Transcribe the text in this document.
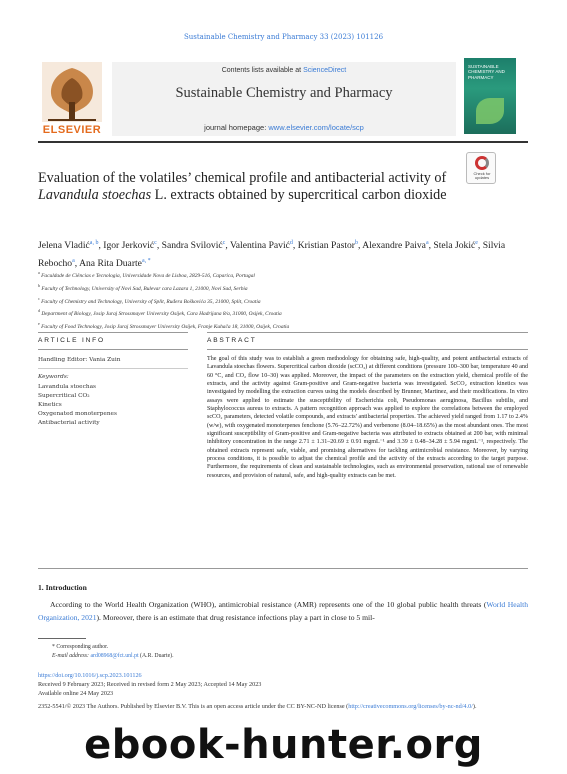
Sustainable Chemistry and Pharmacy 33 (2023) 101126
ELSEVIER
Contents lists available at ScienceDirect
Sustainable Chemistry and Pharmacy
journal homepage: www.elsevier.com/locate/scp
SUSTAINABLE CHEMISTRY AND PHARMACY
Check for updates
Evaluation of the volatiles’ chemical profile and antibacterial activity of Lavandula stoechas L. extracts obtained by supercritical carbon dioxide
Jelena Vladić$^{a, b}$, Igor Jerković$^c$, Sandra Svilović$^c$, Valentina Pavić$^d$, Kristian Pastor$^b$, Alexandre Paiva$^a$, Stela Jokić$^e$, Silvia Rebocho$^a$, Ana Rita Duarte$^{a, *}$
$^a$ Faculdade de Ciências e Tecnologia, Universidade Nova de Lisboa, 2829-516, Caparica, Portugal
$^b$ Faculty of Technology, University of Novi Sad, Bulevar cara Lazara 1, 21000, Novi Sad, Serbia
$^c$ Faculty of Chemistry and Technology, University of Split, Ruđera Boškovića 35, 21000, Split, Croatia
$^d$ Department of Biology, Josip Juraj Strossmayer University Osijek, Cara Hadrijana 8/a, 31000, Osijek, Croatia
$^e$ Faculty of Food Technology, Josip Juraj Strossmayer University Osijek, Franje Kuhača 18, 31000, Osijek, Croatia
ARTICLE INFO
Handling Editor: Vania Zuin
Keywords:
Lavandula stoechas
Supercritical CO₂
Kinetics
Oxygenated monoterpenes
Antibacterial activity
ABSTRACT
The goal of this study was to establish a green methodology for obtaining safe, high-quality, and potent antibacterial extracts of Lavandula stoechas flowers. Supercritical carbon dioxide (scCO₂) at different conditions (pressure 100–300 bar, temperature 40 and 60 °C, and CO₂ flow 10–30) was applied. Moreover, the impact of the parameters on the extraction yield, chemical profile of the extracts, and the activity against Gram-positive and Gram-negative bacteria was investigated. ScCO₂ extraction kinetics was investigated by modelling the extraction curves using the models described by Brunner, Martinez, and their modifications. In vitro assays were applied to estimate the susceptibility of Escherichia coli, Pseudomonas aeruginosa, Bacillus subtilis, and Staphylococcus aureus to extracts. A pattern recognition approach was applied to explore the correlations between the employed scCO₂ parameters, detected volatile compounds, and extracts' antibacterial properties. The achieved yield ranged from 1.17 to 2.4% (w/w), with oxygenated monoterpenes fenchone (5.76–22.72%) and verbenone (8.04–18.65%) as the most abundant ones. The most significant susceptibility of Gram-positive and Gram-negative bacteria was attributed to extracts obtained at 200 bar, with minimal inhibitory concentration in the range 2.71 ± 1.31–20.69 ± 0.91 mgmL⁻¹ and 3.39 ± 0.48–34.28 ± 5.94 mgmL⁻¹, respectively. The obtained extracts represent safe, viable, and promising alternatives for tackling antimicrobial resistance. Moreover, by varying process conditions, it is possible to adjust the chemical profile and the activity of the extracts according to the target purpose. Furthermore, the requirements of clean and sustainable technologies, such as environmental preservation, rational use of renewable resources, and provision of natural, safe, and high-quality extracts can be met.
1. Introduction
According to the World Health Organization (WHO), antimicrobial resistance (AMR) represents one of the 10 global public health threats (World Health Organization, 2021). Moreover, there is an estimate that drug resistance infections play a part in close to 5 mil-
* Corresponding author.
E-mail address: ard08968@fct.unl.pt (A.R. Duarte).
https://doi.org/10.1016/j.scp.2023.101126
Received 9 February 2023; Received in revised form 2 May 2023; Accepted 14 May 2023
Available online 24 May 2023
2352-5541/© 2023 The Authors. Published by Elsevier B.V. This is an open access article under the CC BY-NC-ND license (http://creativecommons.org/licenses/by-nc-nd/4.0/).
ebook-hunter.org
